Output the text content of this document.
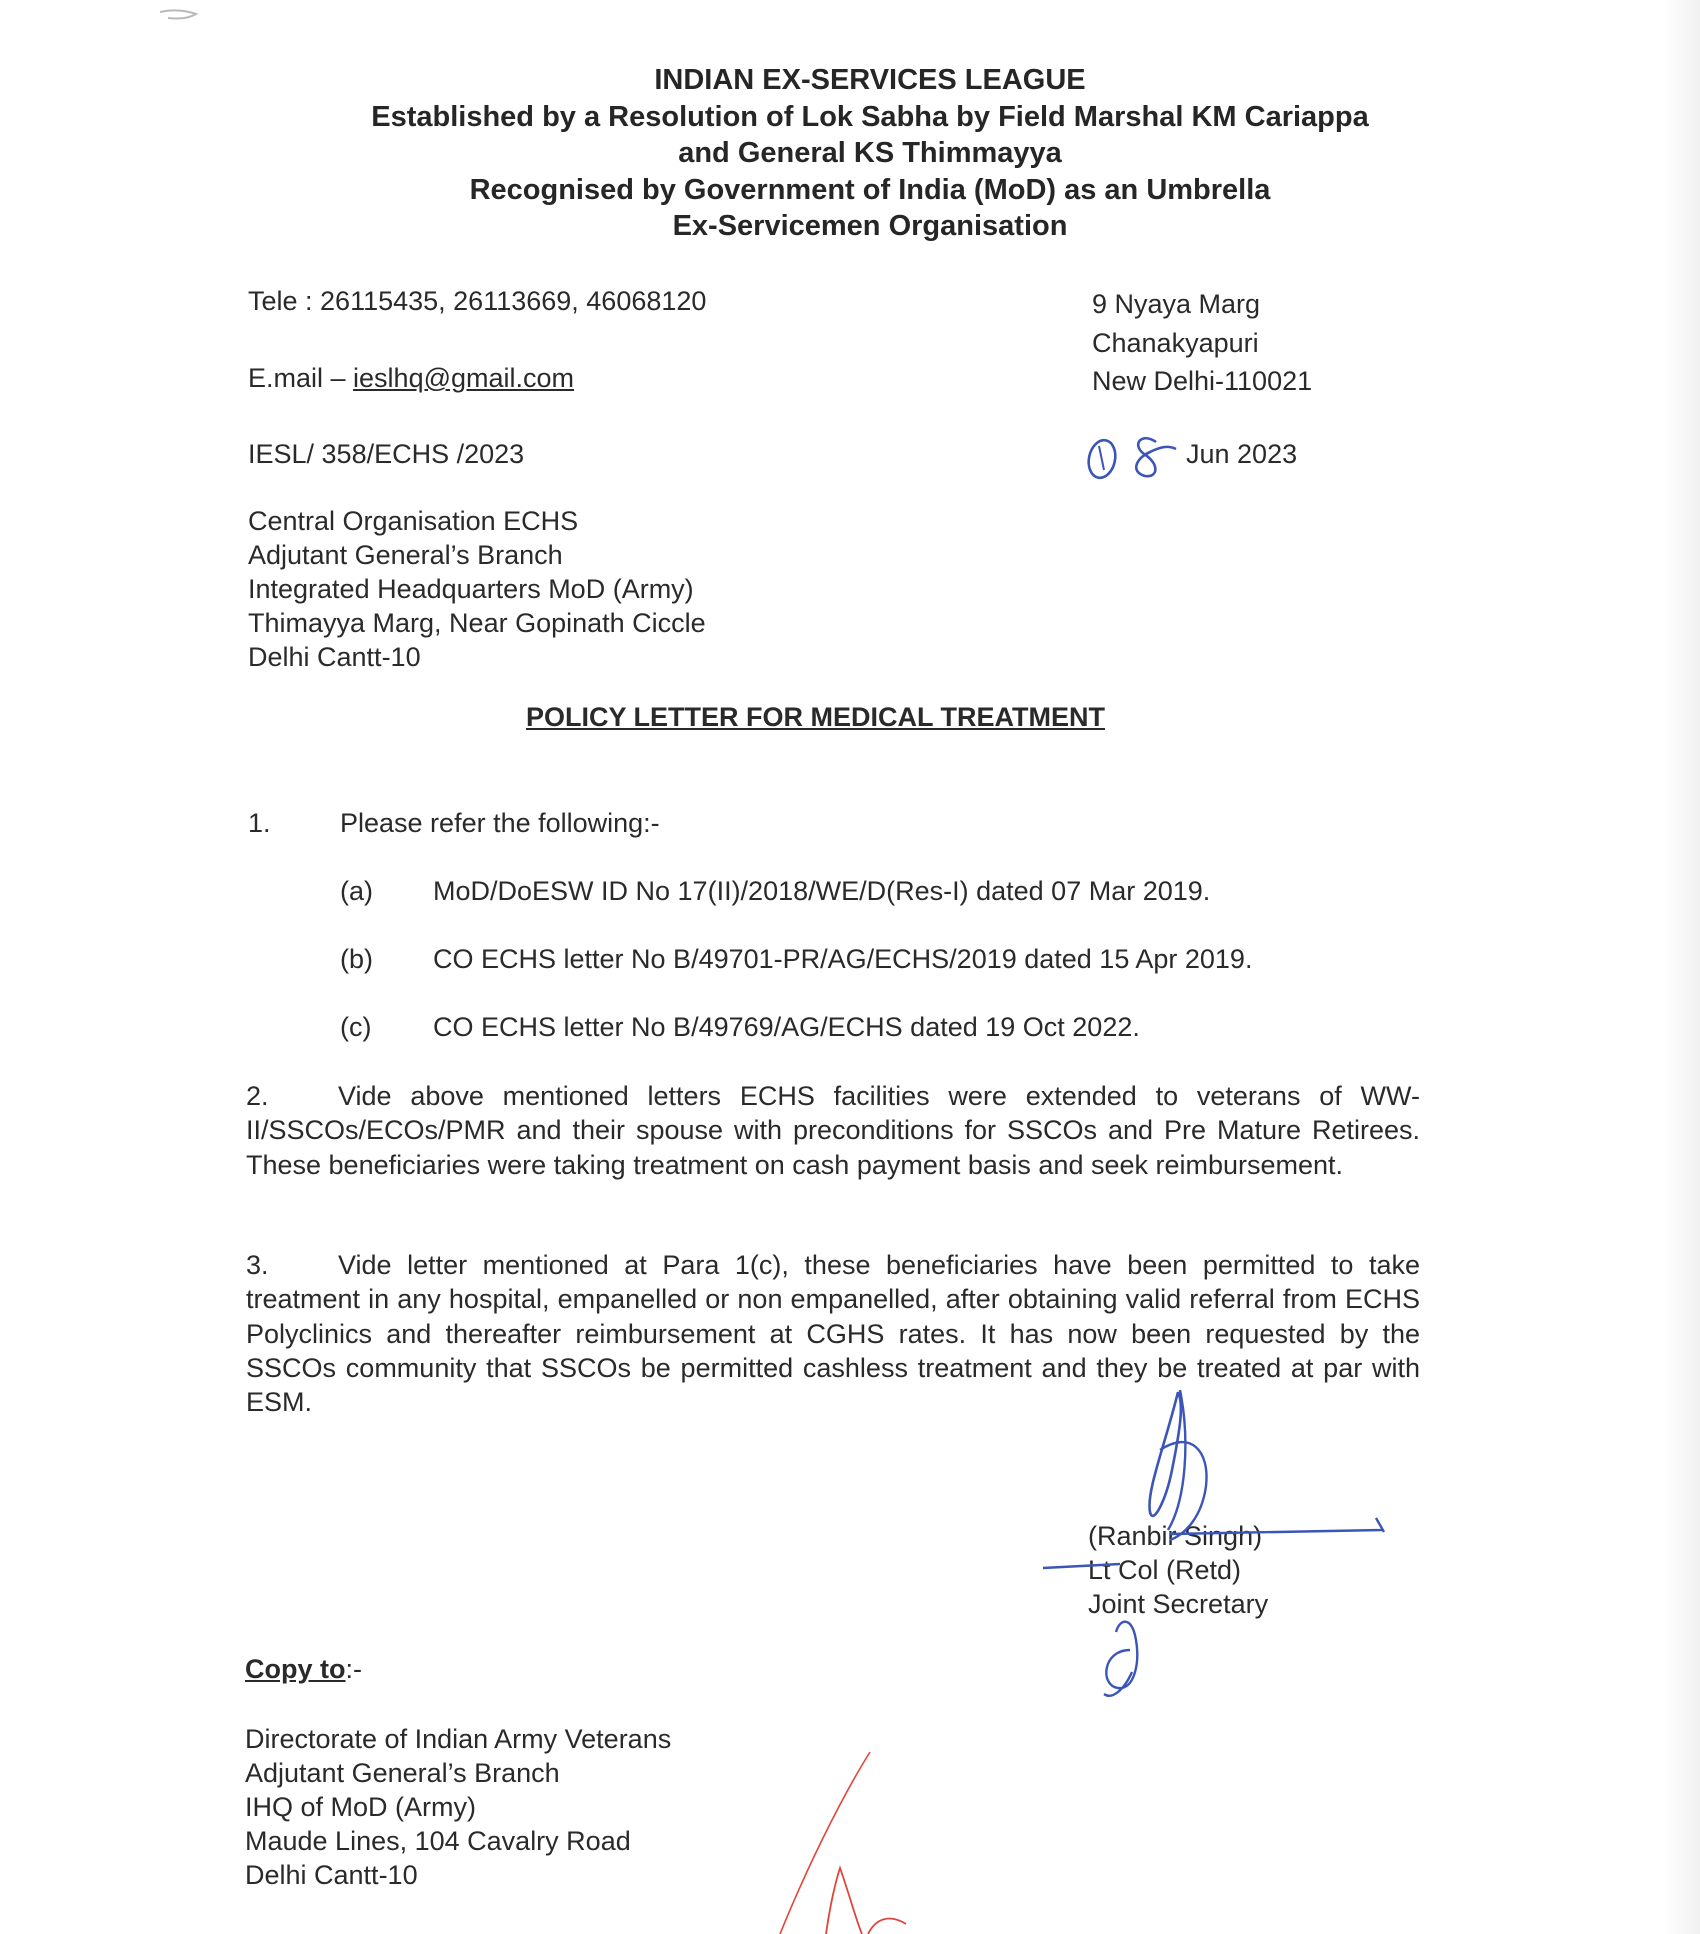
INDIAN EX-SERVICES LEAGUE
Established by a Resolution of Lok Sabha by Field Marshal KM Cariappa
and General KS Thimmayya
Recognised by Government of India (MoD) as an Umbrella
Ex-Servicemen Organisation
Tele : 26115435, 26113669, 46068120
E.mail – ieslhq@gmail.com
9 Nyaya Marg
Chanakyapuri
New Delhi-110021
IESL/ 358/ECHS /2023	Jun 2023
Central Organisation ECHS
Adjutant General’s Branch
Integrated Headquarters MoD (Army)
Thimayya Marg, Near Gopinath Ciccle
Delhi Cantt-10
POLICY LETTER FOR MEDICAL TREATMENT
1.	Please refer the following:-
(a) MoD/DoESW ID No 17(II)/2018/WE/D(Res-I) dated 07 Mar 2019.
(b) CO ECHS letter No B/49701-PR/AG/ECHS/2019 dated 15 Apr 2019.
(c) CO ECHS letter No B/49769/AG/ECHS dated 19 Oct 2022.
2.	Vide above mentioned letters ECHS facilities were extended to veterans of WW-II/SSCOs/ECOs/PMR and their spouse with preconditions for SSCOs and Pre Mature Retirees. These beneficiaries were taking treatment on cash payment basis and seek reimbursement.
3.	Vide letter mentioned at Para 1(c), these beneficiaries have been permitted to take treatment in any hospital, empanelled or non empanelled, after obtaining valid referral from ECHS Polyclinics and thereafter reimbursement at CGHS rates. It has now been requested by the SSCOs community that SSCOs be permitted cashless treatment and they be treated at par with ESM.
(Ranbir Singh)
Lt Col (Retd)
Joint Secretary
Copy to:-
Directorate of Indian Army Veterans
Adjutant General’s Branch
IHQ of MoD (Army)
Maude Lines, 104 Cavalry Road
Delhi Cantt-10
